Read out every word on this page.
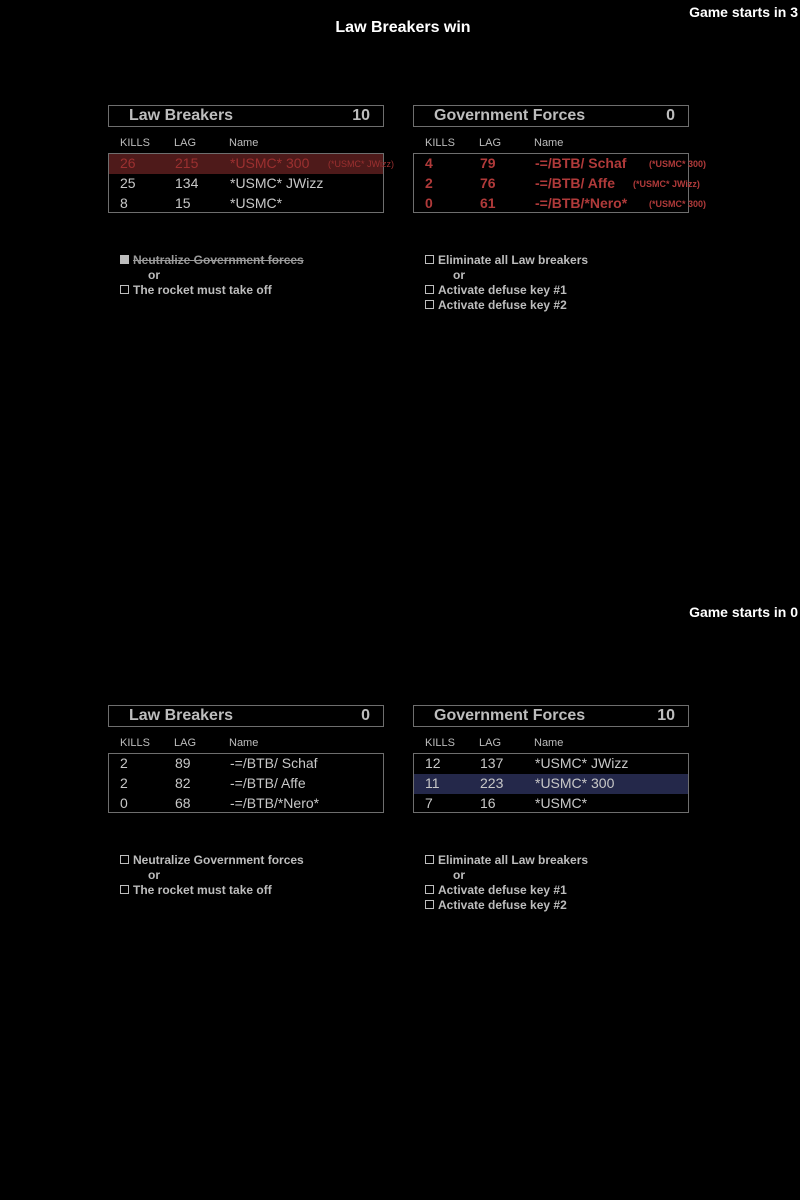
Game starts in 3
Law Breakers win
Law Breakers	10
KILLS LAG	Name
26	215 *USMC* 300 (*USMC* JWizz)
25	134 *USMC* JWizz
8	15	*USMC*
Government Forces	0
KILLS LAG	Name
4	79	-=/BTB/ Schaf	(*USMC* 300)
2	76	-=/BTB/ Affe (*USMC* JWizz)
0	61	-=/BTB/*Nero* (*USMC* 300)
Neutralize Government forces
or
The rocket must take off
Eliminate all Law breakers
or
Activate defuse key #1
Activate defuse key #2
Game starts in 0
Law Breakers	0
KILLS LAG	Name
2	89	-=/BTB/ Schaf
2	82	-=/BTB/ Affe
0	68	-=/BTB/*Nero*
Government Forces	10
KILLS LAG	Name
12	137 *USMC* JWizz
11	223 *USMC* 300
7	16	*USMC*
Neutralize Government forces
or
The rocket must take off
Eliminate all Law breakers
or
Activate defuse key #1
Activate defuse key #2
